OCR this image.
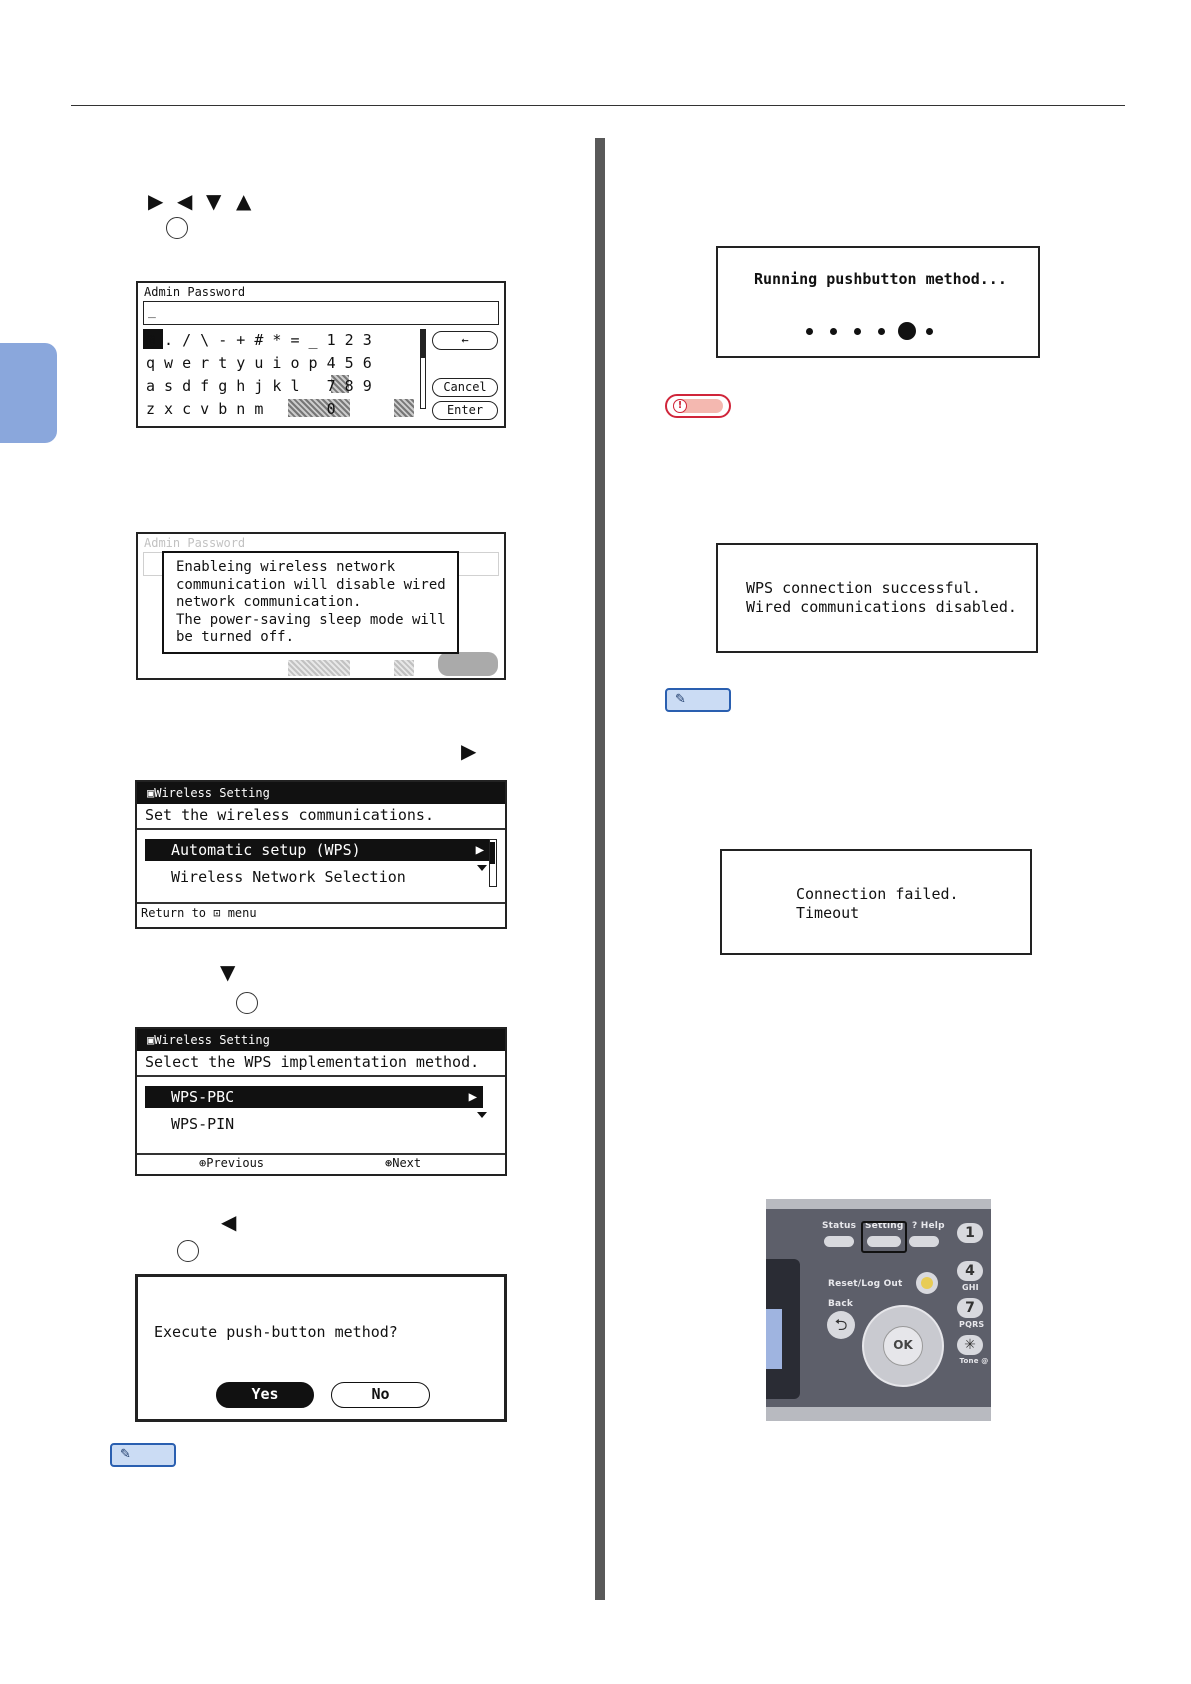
▶ ◀ ▼ ▲
Admin Password
_
@ . / \ - + # * = _ 1 2 3
q w e r t y u i o p 4 5 6
a s d f g h j k l   7 8 9
z x c v b n m       0
←
Cancel
Enter
Admin Password
Enableing wireless network
communication will disable wired
network communication.
The power-saving sleep mode will
be turned off.
▶
▣Wireless Setting
Set the wireless communications.
Automatic setup (WPS)	▶
Wireless Network Selection
Return to ⊡ menu
▼
▣Wireless Setting
Select the WPS implementation method.
WPS-PBC	▶
WPS-PIN
⊕Previous	⊛Next
◀
Execute push-button method?
Yes	No
✎
Running pushbutton method...
!
WPS connection successful.
Wired communications disabled.
✎
Connection failed.
Timeout
Status Setting ? Help
Reset/Log Out
Back
⮌
OK
1
4
GHI
7
PQRS
✳
Tone @
